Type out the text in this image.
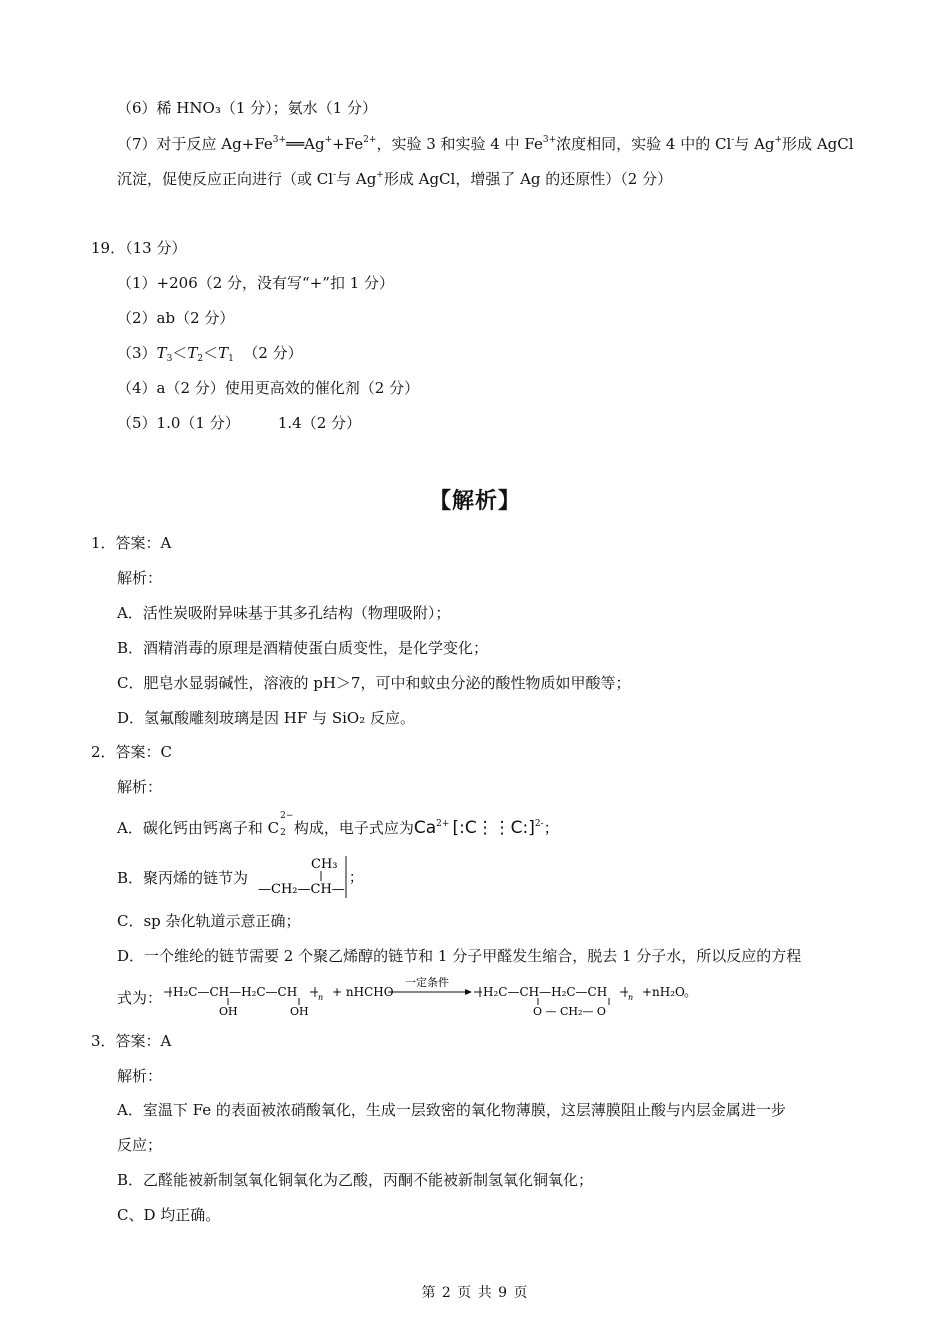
（6）稀 HNO₃（1 分）；氨水（1 分）
（7）对于反应 $Ag+Fe^{3+}══Ag^++Fe^{2+}$，实验 3 和实验 4 中 $Fe^{3+}$浓度相同，实验 4 中的 Cl-与 Ag+形成 AgCl
沉淀，促使反应正向进行（或 Cl-与 Ag+形成 AgCl，增强了 Ag 的还原性）（2 分）
19．（13 分）
（1）+206（2 分，没有写“+”扣 1 分）
（2）ab（2 分）
$(3)T_3<T_2<T_1$  （2 分）
（4）a（2 分）使用更高效的催化剂（2 分）
（5）1.0（1 分）        1.4（2 分）
【解析】
1．答案：A
解析：
A．活性炭吸附异味基于其多孔结构（物理吸附）；
B．酒精消毒的原理是酒精使蛋白质变性，是化学变化；
C．肥皂水显弱碱性，溶液的 pH＞7，可中和蚊虫分泌的酸性物质如甲酸等；
D．氢氟酸雕刻玻璃是因 HF 与 SiO₂ 反应。
2．答案：C
解析：
A．碳化钙由钙离子和 C
2−
2 构成，电子式应为$Ca^{2+}$ [:C⋮⋮C:]$^{2-}$；
B．聚丙烯的链节为
CH₃
—CH₂—CH—
；
C．sp 杂化轨道示意正确；
D．一个维纶的链节需要 2 个聚乙烯醇的链节和 1 分子甲醛发生缩合，脱去 1 分子水，所以反应的方程
式为： H₂C—CH—H₂C—CH	n
OH	OH
+ nHCHO
一定条件
H₂C—CH—H₂C—CH	n
O — CH₂— O
+nH₂O 。
3．答案：A
解析：
A．室温下 Fe 的表面被浓硝酸氧化，生成一层致密的氧化物薄膜，这层薄膜阻止酸与内层金属进一步
反应；
B．乙醛能被新制氢氧化铜氧化为乙酸，丙酮不能被新制氢氧化铜氧化；
C、D 均正确。
第 2 页 共 9 页
